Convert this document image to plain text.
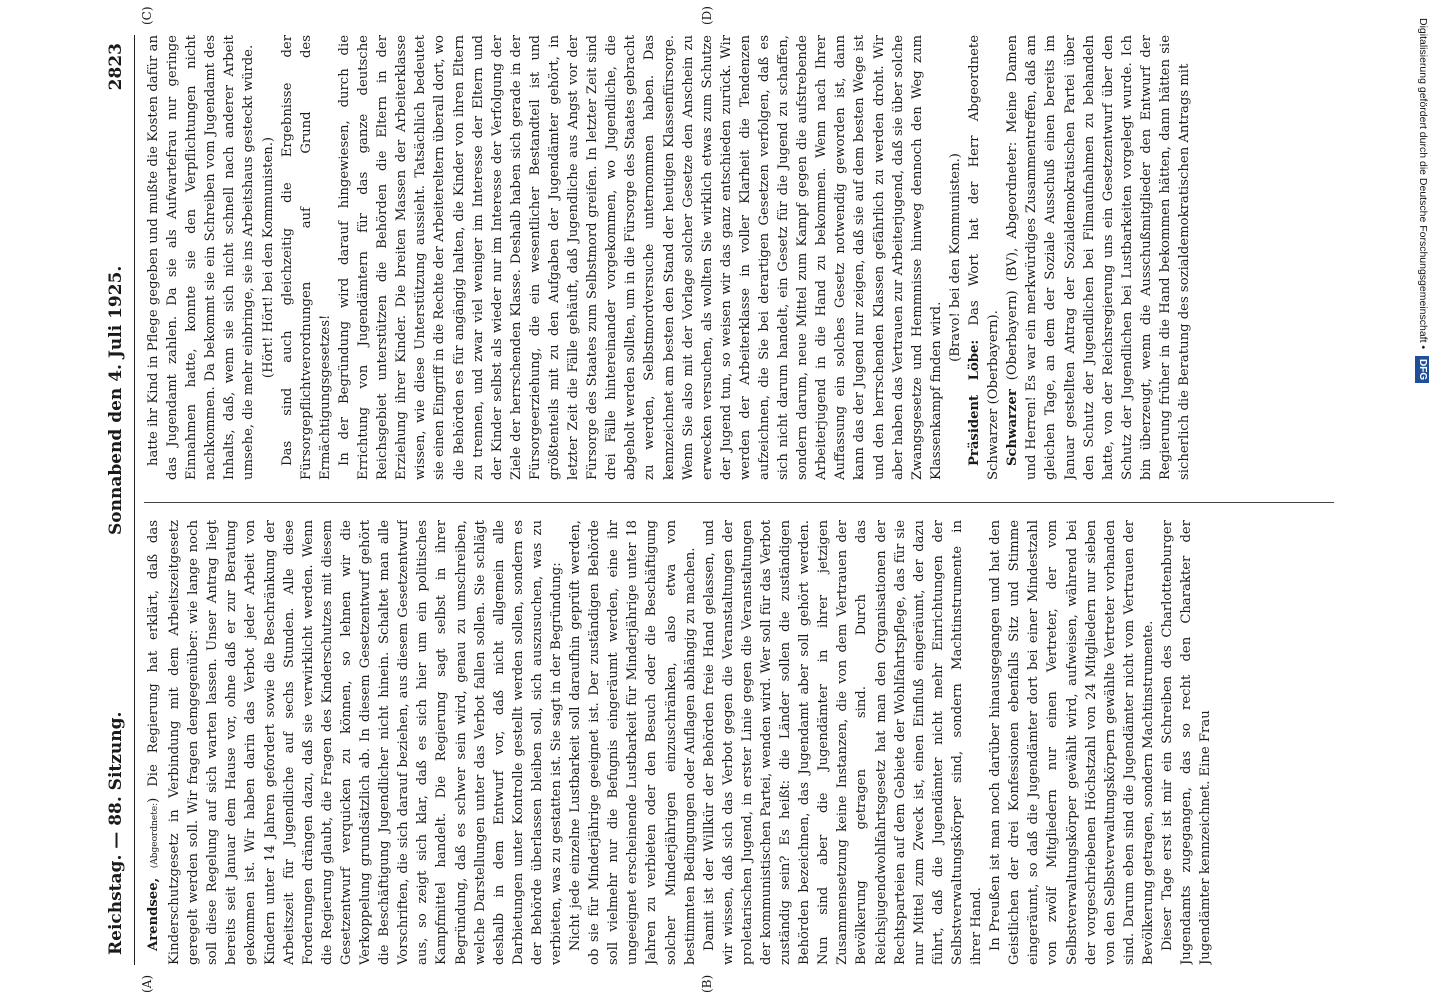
Reichstag. — 88. Sitzung.
Sonnabend den 4. Juli 1925.
2823

Arendsee, (Abgeordnete:) Die Regierung hat erklärt, daß das Kinderschutzgesetz in Verbindung mit dem Arbeitszeitgesetz geregelt werden soll. Wir fragen demgegenüber: wie lange noch soll diese Regelung auf sich warten lassen. Unser Antrag liegt bereits seit Januar dem Hause vor, ohne daß er zur Beratung gekommen ist. Wir haben darin das Verbot jeder Arbeit von Kindern unter 14 Jahren gefordert sowie die Beschränkung der Arbeitszeit für Jugendliche auf sechs Stunden. Alle diese Forderungen drängen dazu, daß sie verwirklicht werden. Wenn die Regierung glaubt, die Fragen des Kinderschutzes mit diesem Gesetzentwurf verquicken zu können, so lehnen wir die Verkoppelung grundsätzlich ab. In diesem Gesetzentwurf gehört die Beschäftigung Jugendlicher nicht hinein. Schaltet man alle Vorschriften, die sich darauf beziehen, aus diesem Gesetzentwurf aus, so zeigt sich klar, daß es sich hier um ein politisches Kampfmittel handelt. Die Regierung sagt selbst in ihrer Begründung, daß es schwer sein wird, genau zu umschreiben, welche Darstellungen unter das Verbot fallen sollen. Sie schlägt deshalb in dem Entwurf vor, daß nicht allgemein alle Darbietungen unter Kontrolle gestellt werden sollen, sondern es der Behörde überlassen bleiben soll, sich auszusuchen, was zu verbieten, was zu gestatten ist. Sie sagt in der Begründung: Nicht jede einzelne Lustbarkeit soll daraufhin geprüft werden, ob sie für Minderjährige geeignet ist. Der zuständigen Behörde soll vielmehr nur die Befugnis eingeräumt werden, eine ihr ungeeignet erscheinende Lustbarkeit für Minderjährige unter 18 Jahren zu verbieten oder den Besuch oder die Beschäftigung solcher Minderjährigen einzuschränken, also etwa von bestimmten Bedingungen oder Auflagen abhängig zu machen. Damit ist der Willkür der Behörden freie Hand gelassen, und wir wissen, daß sich das Verbot gegen die Veranstaltungen der proletarischen Jugend, in erster Linie gegen die Veranstaltungen der kommunistischen Partei, wenden wird. Wer soll für das Verbot zuständig sein? Es heißt: die Länder sollen die zuständigen Behörden bezeichnen, das Jugendamt aber soll gehört werden. Nun sind aber die Jugendämter in ihrer jetzigen Zusammensetzung keine Instanzen, die von dem Vertrauen der Bevölkerung getragen sind. Durch das Reichsjugendwohlfahrtsgesetz hat man den Organisationen der Rechtsparteien auf dem Gebiete der Wohlfahrtspflege, das für sie nur Mittel zum Zweck ist, einen Einfluß eingeräumt, der dazu führt, daß die Jugendämter nicht mehr Einrichtungen der Selbstverwaltungskörper sind, sondern Machtinstrumente in ihrer Hand. In Preußen ist man noch darüber hinausgegangen und hat den Geistlichen der drei Konfessionen ebenfalls Sitz und Stimme eingeräumt, so daß die Jugendämter dort bei einer Mindestzahl von zwölf Mitgliedern nur einen Vertreter, der vom Selbstverwaltungskörper gewählt wird, aufweisen, während bei der vorgeschriebenen Höchstzahl von 24 Mitgliedern nur sieben von den Selbstverwaltungskörpern gewählte Vertreter vorhanden sind. Darum eben sind die Jugendämter nicht vom Vertrauen der Bevölkerung getragen, sondern Machtinstrumente. Dieser Tage erst ist mir ein Schreiben des Charlottenburger Jugendamts zugegangen, das so recht den Charakter der Jugendämter kennzeichnet. Eine Frau

hatte ihr Kind in Pflege gegeben und mußte die Kosten dafür an das Jugendamt zahlen. Da sie als Aufwartefrau nur geringe Einnahmen hatte, konnte sie den Verpflichtungen nicht nachkommen. Da bekommt sie ein Schreiben vom Jugendamt des Inhalts, daß, wenn sie sich nicht schnell nach anderer Arbeit umsehe, die mehr einbringe, sie ins Arbeitshaus gesteckt würde. (Hört! Hört! bei den Kommunisten.) Das sind auch gleichzeitig die Ergebnisse der Fürsorgepflichtverordnungen auf Grund des Ermächtigungsgesetzes! In der Begründung wird darauf hingewiesen, durch die Errichtung von Jugendämtern für das ganze deutsche Reichsgebiet unterstützen die Behörden die Eltern in der Erziehung ihrer Kinder. Die breiten Massen der Arbeiterklasse wissen, wie diese Unterstützung aussieht. Tatsächlich bedeutet sie einen Eingriff in die Rechte der Arbeitereltern überall dort, wo die Behörden es für angängig halten, die Kinder von ihren Eltern zu trennen, und zwar viel weniger im Interesse der Eltern und der Kinder selbst als wieder nur im Interesse der Verfolgung der Ziele der herrschenden Klasse. Deshalb haben sich gerade in der Fürsorgeerziehung, die ein wesentlicher Bestandteil ist und größtenteils mit zu den Aufgaben der Jugendämter gehört, in letzter Zeit die Fälle gehäuft, daß Jugendliche aus Angst vor der Fürsorge des Staates zum Selbstmord greifen. In letzter Zeit sind drei Fälle hintereinander vorgekommen, wo Jugendliche, die abgeholt werden sollten, um in die Fürsorge des Staates gebracht zu werden, Selbstmordversuche unternommen haben. Das kennzeichnet am besten den Stand der heutigen Klassenfürsorge. Wenn Sie also mit der Vorlage solcher Gesetze den Anschein zu erwecken versuchen, als wollten Sie wirklich etwas zum Schutze der Jugend tun, so weisen wir das ganz entschieden zurück. Wir werden der Arbeiterklasse in voller Klarheit die Tendenzen aufzeichnen, die Sie bei derartigen Gesetzen verfolgen, daß es sich nicht darum handelt, ein Gesetz für die Jugend zu schaffen, sondern darum, neue Mittel zum Kampf gegen die aufstrebende Arbeiterjugend in die Hand zu bekommen. Wenn nach Ihrer Auffassung ein solches Gesetz notwendig geworden ist, dann kann das der Jugend nur zeigen, daß sie auf dem besten Wege ist und den herrschenden Klassen gefährlich zu werden droht. Wir aber haben das Vertrauen zur Arbeiterjugend, daß sie über solche Zwangsgesetze und Hemmnisse hinweg dennoch den Weg zum Klassenkampf finden wird.

(Bravo! bei den Kommunisten.)

Präsident Löbe: Das Wort hat der Herr Abgeordnete Schwarzer (Oberbayern). Schwarzer (Oberbayern) (BV), Abgeordneter: Meine Damen und Herren! Es war ein merkwürdiges Zusammentreffen, daß am gleichen Tage, an dem der Soziale Ausschuß einen bereits im Januar gestellten Antrag der Sozialdemokratischen Partei über den Schutz der Jugendlichen bei Filmaufnahmen zu behandeln hatte, von der Reichsregierung uns ein Gesetzentwurf über den Schutz der Jugendlichen bei Lustbarkeiten vorgelegt wurde. Ich bin überzeugt, wenn die Ausschußmitglieder den Entwurf der Regierung früher in die Hand bekommen hätten, dann hätten sie sicherlich die Beratung des sozialdemokratischen Antrags mit

(A)	(B)
(C)	(D)
Digitalisierung gefördert durch die Deutsche Forschungsgemeinschaft • DFG
